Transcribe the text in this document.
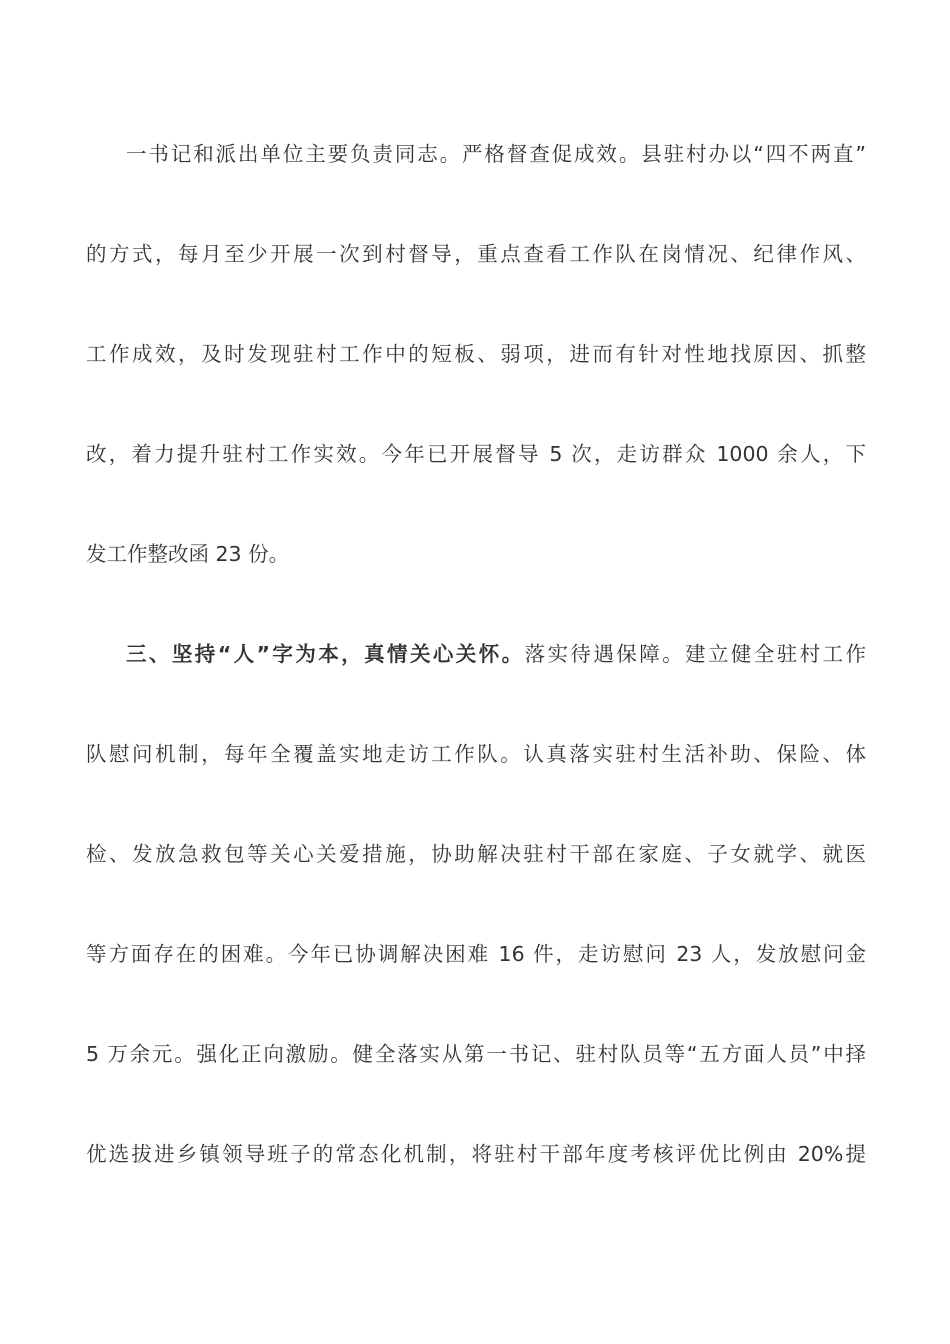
一书记和派出单位主要负责同志。严格督查促成效。县驻村办以“四不两直”
的方式，每月至少开展一次到村督导，重点查看工作队在岗情况、纪律作风、
工作成效，及时发现驻村工作中的短板、弱项，进而有针对性地找原因、抓整
改，着力提升驻村工作实效。今年已开展督导 5 次，走访群众 1000 余人，下
发工作整改函 23 份。
三、坚持“人”字为本，真情关心关怀。落实待遇保障。建立健全驻村工作
队慰问机制，每年全覆盖实地走访工作队。认真落实驻村生活补助、保险、体
检、发放急救包等关心关爱措施，协助解决驻村干部在家庭、子女就学、就医
等方面存在的困难。今年已协调解决困难 16 件，走访慰问 23 人，发放慰问金
5 万余元。强化正向激励。健全落实从第一书记、驻村队员等“五方面人员”中择
优选拔进乡镇领导班子的常态化机制，将驻村干部年度考核评优比例由 20%提
